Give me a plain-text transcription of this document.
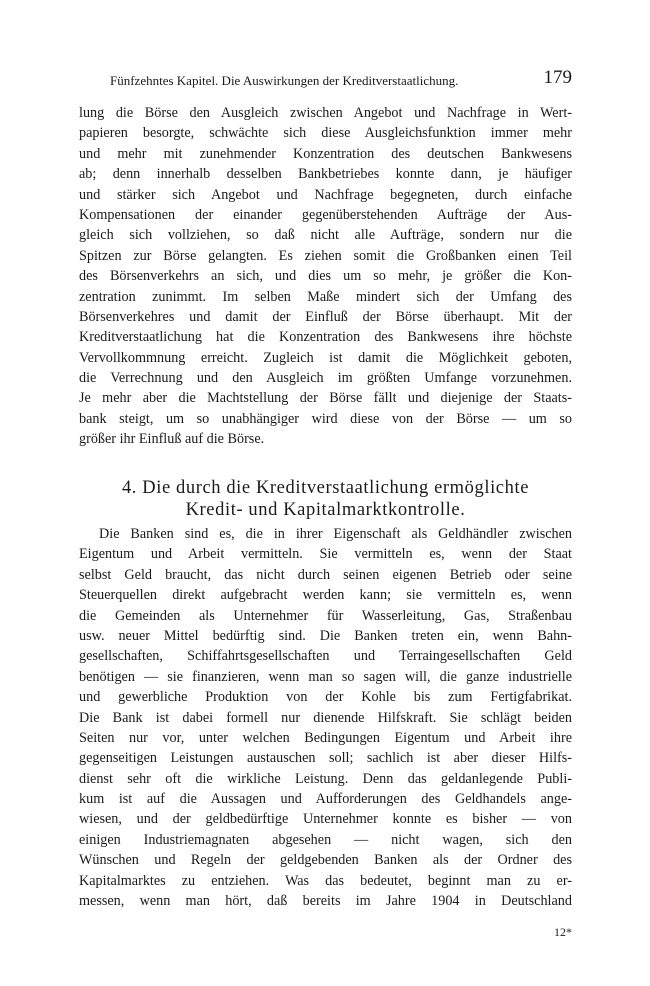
Fünfzehntes Kapitel. Die Auswirkungen der Kreditverstaatlichung.	179
lung die Börse den Ausgleich zwischen Angebot und Nachfrage in Wert-
papieren besorgte, schwächte sich diese Ausgleichsfunktion immer mehr
und mehr mit zunehmender Konzentration des deutschen Bankwesens
ab; denn innerhalb desselben Bankbetriebes konnte dann, je häufiger
und stärker sich Angebot und Nachfrage begegneten, durch einfache
Kompensationen der einander gegenüberstehenden Aufträge der Aus-
gleich sich vollziehen, so daß nicht alle Aufträge, sondern nur die
Spitzen zur Börse gelangten. Es ziehen somit die Großbanken einen Teil
des Börsenverkehrs an sich, und dies um so mehr, je größer die Kon-
zentration zunimmt. Im selben Maße mindert sich der Umfang des
Börsenverkehres und damit der Einfluß der Börse überhaupt. Mit der
Kreditverstaatlichung hat die Konzentration des Bankwesens ihre höchste
Vervollkommnung erreicht. Zugleich ist damit die Möglichkeit geboten,
die Verrechnung und den Ausgleich im größten Umfange vorzunehmen.
Je mehr aber die Machtstellung der Börse fällt und diejenige der Staats-
bank steigt, um so unabhängiger wird diese von der Börse — um so
größer ihr Einfluß auf die Börse.
4. Die durch die Kreditverstaatlichung ermöglichte
Kredit- und Kapitalmarktkontrolle.
Die Banken sind es, die in ihrer Eigenschaft als Geldhändler zwischen
Eigentum und Arbeit vermitteln. Sie vermitteln es, wenn der Staat
selbst Geld braucht, das nicht durch seinen eigenen Betrieb oder seine
Steuerquellen direkt aufgebracht werden kann; sie vermitteln es, wenn
die Gemeinden als Unternehmer für Wasserleitung, Gas, Straßenbau
usw. neuer Mittel bedürftig sind. Die Banken treten ein, wenn Bahn-
gesellschaften, Schiffahrtsgesellschaften und Terraingesellschaften Geld
benötigen — sie finanzieren, wenn man so sagen will, die ganze industrielle
und gewerbliche Produktion von der Kohle bis zum Fertigfabrikat.
Die Bank ist dabei formell nur dienende Hilfskraft. Sie schlägt beiden
Seiten nur vor, unter welchen Bedingungen Eigentum und Arbeit ihre
gegenseitigen Leistungen austauschen soll; sachlich ist aber dieser Hilfs-
dienst sehr oft die wirkliche Leistung. Denn das geldanlegende Publi-
kum ist auf die Aussagen und Aufforderungen des Geldhandels ange-
wiesen, und der geldbedürftige Unternehmer konnte es bisher — von
einigen Industriemagnaten abgesehen — nicht wagen, sich den
Wünschen und Regeln der geldgebenden Banken als der Ordner des
Kapitalmarktes zu entziehen. Was das bedeutet, beginnt man zu er-
messen, wenn man hört, daß bereits im Jahre 1904 in Deutschland
12*
